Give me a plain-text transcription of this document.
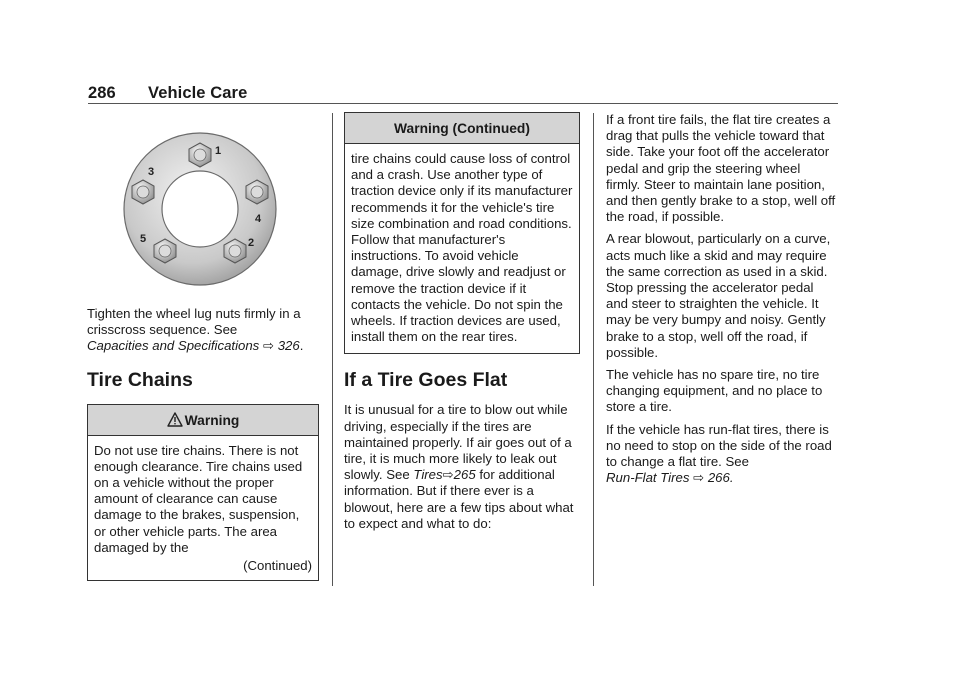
286 Vehicle Care
1
2
3
4
5

Tighten the wheel lug nuts firmly in a crisscross sequence. See
Capacities and Specifications ⇨ 326.

Tire Chains
Warning
Do not use tire chains. There is not enough clearance. Tire chains used on a vehicle without the proper amount of clearance can cause damage to the brakes, suspension, or other vehicle parts. The area damaged by the
(Continued)
Warning (Continued)
tire chains could cause loss of control and a crash. Use another type of traction device only if its manufacturer recommends it for the vehicle's tire size combination and road conditions. Follow that manufacturer's instructions. To avoid vehicle damage, drive slowly and readjust or remove the traction device if it contacts the vehicle. Do not spin the wheels. If traction devices are used, install them on the rear tires.
If a Tire Goes Flat

It is unusual for a tire to blow out while driving, especially if the tires are maintained properly. If air goes out of a tire, it is much more likely to leak out slowly. See Tires⇨265 for additional information. But if there ever is a blowout, here are a few tips about what to expect and what to do:

If a front tire fails, the flat tire creates a drag that pulls the vehicle toward that side. Take your foot off the accelerator pedal and grip the steering wheel firmly. Steer to maintain lane position, and then gently brake to a stop, well off the road, if possible.

A rear blowout, particularly on a curve, acts much like a skid and may require the same correction as used in a skid. Stop pressing the accelerator pedal and steer to straighten the vehicle. It may be very bumpy and noisy. Gently brake to a stop, well off the road, if possible.

The vehicle has no spare tire, no tire changing equipment, and no place to store a tire.

If the vehicle has run-flat tires, there is no need to stop on the side of the road to change a flat tire. See
Run-Flat Tires ⇨ 266.
